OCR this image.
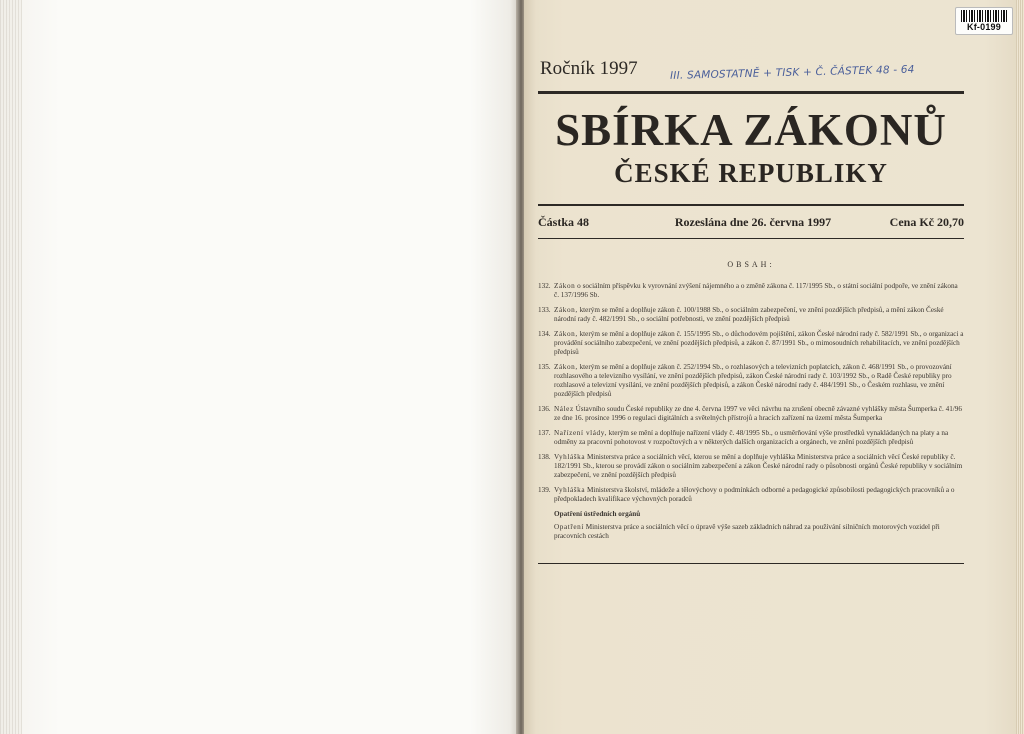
Kf-0199
Ročník 1997	III. SAMOSTATNĚ + TISK + Č. ČÁSTEK 48 - 64
SBÍRKA ZÁKONŮ
ČESKÉ REPUBLIKY
Částka 48	Rozeslána dne 26. června 1997	Cena Kč 20,70
OBSAH:
132. Zákon o sociálním příspěvku k vyrovnání zvýšení nájemného a o změně zákona č. 117/1995 Sb., o státní sociální podpoře, ve znění zákona č. 137/1996 Sb.
133. Zákon, kterým se mění a doplňuje zákon č. 100/1988 Sb., o sociálním zabezpečení, ve znění pozdějších předpisů, a mění zákon České národní rady č. 482/1991 Sb., o sociální potřebnosti, ve znění pozdějších předpisů
134. Zákon, kterým se mění a doplňuje zákon č. 155/1995 Sb., o důchodovém pojištění, zákon České národní rady č. 582/1991 Sb., o organizaci a provádění sociálního zabezpečení, ve znění pozdějších předpisů, a zákon č. 87/1991 Sb., o mimosoudních rehabilitacích, ve znění pozdějších předpisů
135. Zákon, kterým se mění a doplňuje zákon č. 252/1994 Sb., o rozhlasových a televizních poplatcích, zákon č. 468/1991 Sb., o provozování rozhlasového a televizního vysílání, ve znění pozdějších předpisů, zákon České národní rady č. 103/1992 Sb., o Radě České republiky pro rozhlasové a televizní vysílání, ve znění pozdějších předpisů, a zákon České národní rady č. 484/1991 Sb., o Českém rozhlasu, ve znění pozdějších předpisů
136. Nález Ústavního soudu České republiky ze dne 4. června 1997 ve věci návrhu na zrušení obecně závazné vyhlášky města Šumperka č. 41/96 ze dne 16. prosince 1996 o regulaci digitálních a světelných přístrojů a hracích zařízení na území města Šumperka
137. Nařízení vlády, kterým se mění a doplňuje nařízení vlády č. 48/1995 Sb., o usměrňování výše prostředků vynakládaných na platy a na odměny za pracovní pohotovost v rozpočtových a v některých dalších organizacích a orgánech, ve znění pozdějších předpisů
138. Vyhláška Ministerstva práce a sociálních věcí, kterou se mění a doplňuje vyhláška Ministerstva práce a sociálních věcí České republiky č. 182/1991 Sb., kterou se provádí zákon o sociálním zabezpečení a zákon České národní rady o působnosti orgánů České republiky v sociálním zabezpečení, ve znění pozdějších předpisů
139. Vyhláška Ministerstva školství, mládeže a tělovýchovy o podmínkách odborné a pedagogické způsobilosti pedagogických pracovníků a o předpokladech kvalifikace výchovných poradců
Opatření ústředních orgánů
Opatření Ministerstva práce a sociálních věcí o úpravě výše sazeb základních náhrad za používání silničních motorových vozidel při pracovních cestách
